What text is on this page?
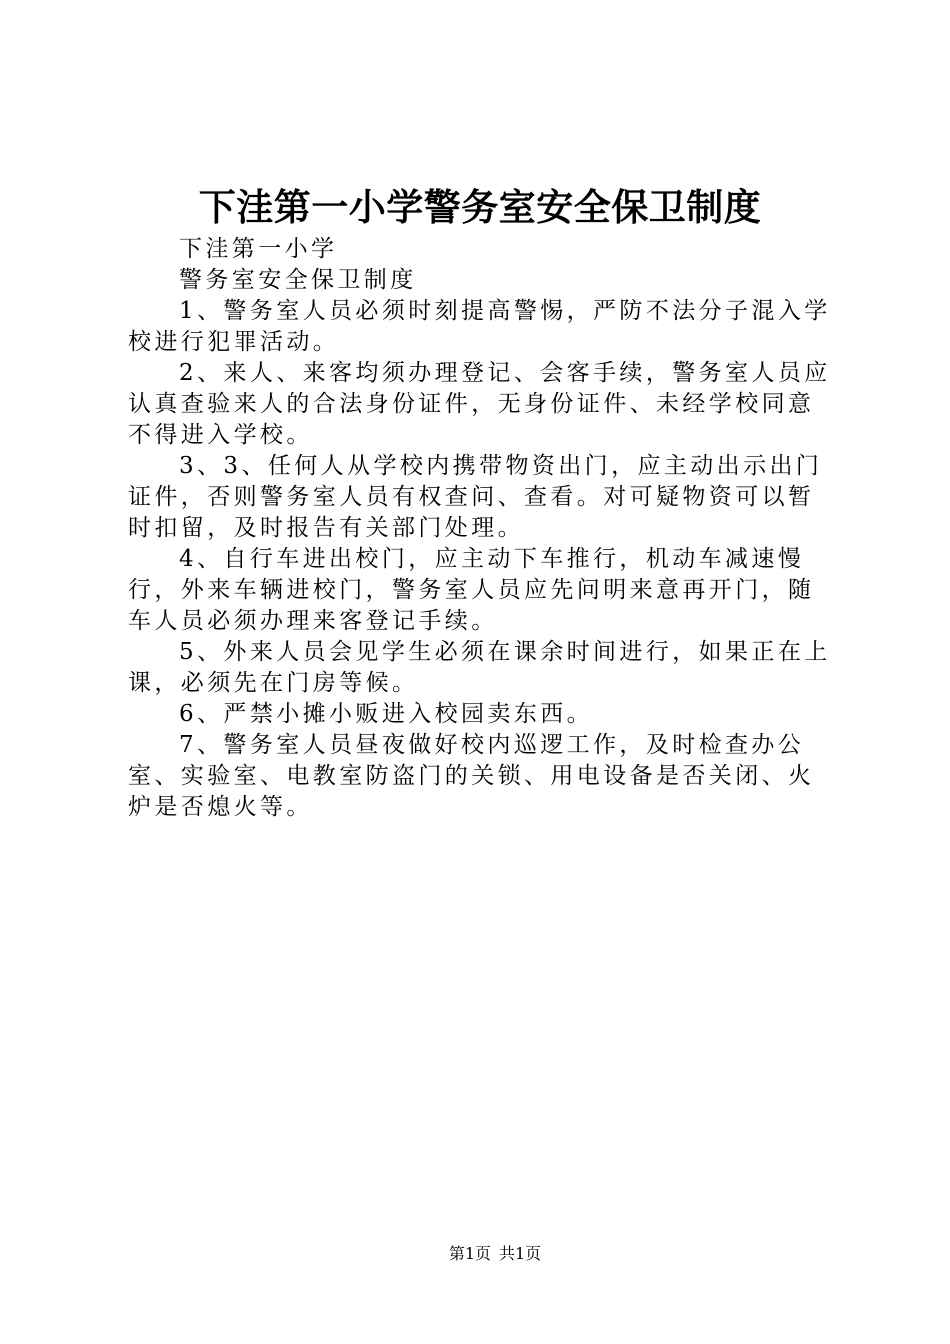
下洼第一小学警务室安全保卫制度

下洼第一小学

警务室安全保卫制度

1、警务室人员必须时刻提高警惕，严防不法分子混入学校进行犯罪活动。

2、来人、来客均须办理登记、会客手续，警务室人员应认真查验来人的合法身份证件，无身份证件、未经学校同意不得进入学校。

3、3、任何人从学校内携带物资出门，应主动出示出门证件，否则警务室人员有权查问、查看。对可疑物资可以暂时扣留，及时报告有关部门处理。

4、自行车进出校门，应主动下车推行，机动车减速慢行，外来车辆进校门，警务室人员应先问明来意再开门，随车人员必须办理来客登记手续。

5、外来人员会见学生必须在课余时间进行，如果正在上课，必须先在门房等候。

6、严禁小摊小贩进入校园卖东西。

7、警务室人员昼夜做好校内巡逻工作，及时检查办公室、实验室、电教室防盗门的关锁、用电设备是否关闭、火炉是否熄火等。

第1页 共1页
